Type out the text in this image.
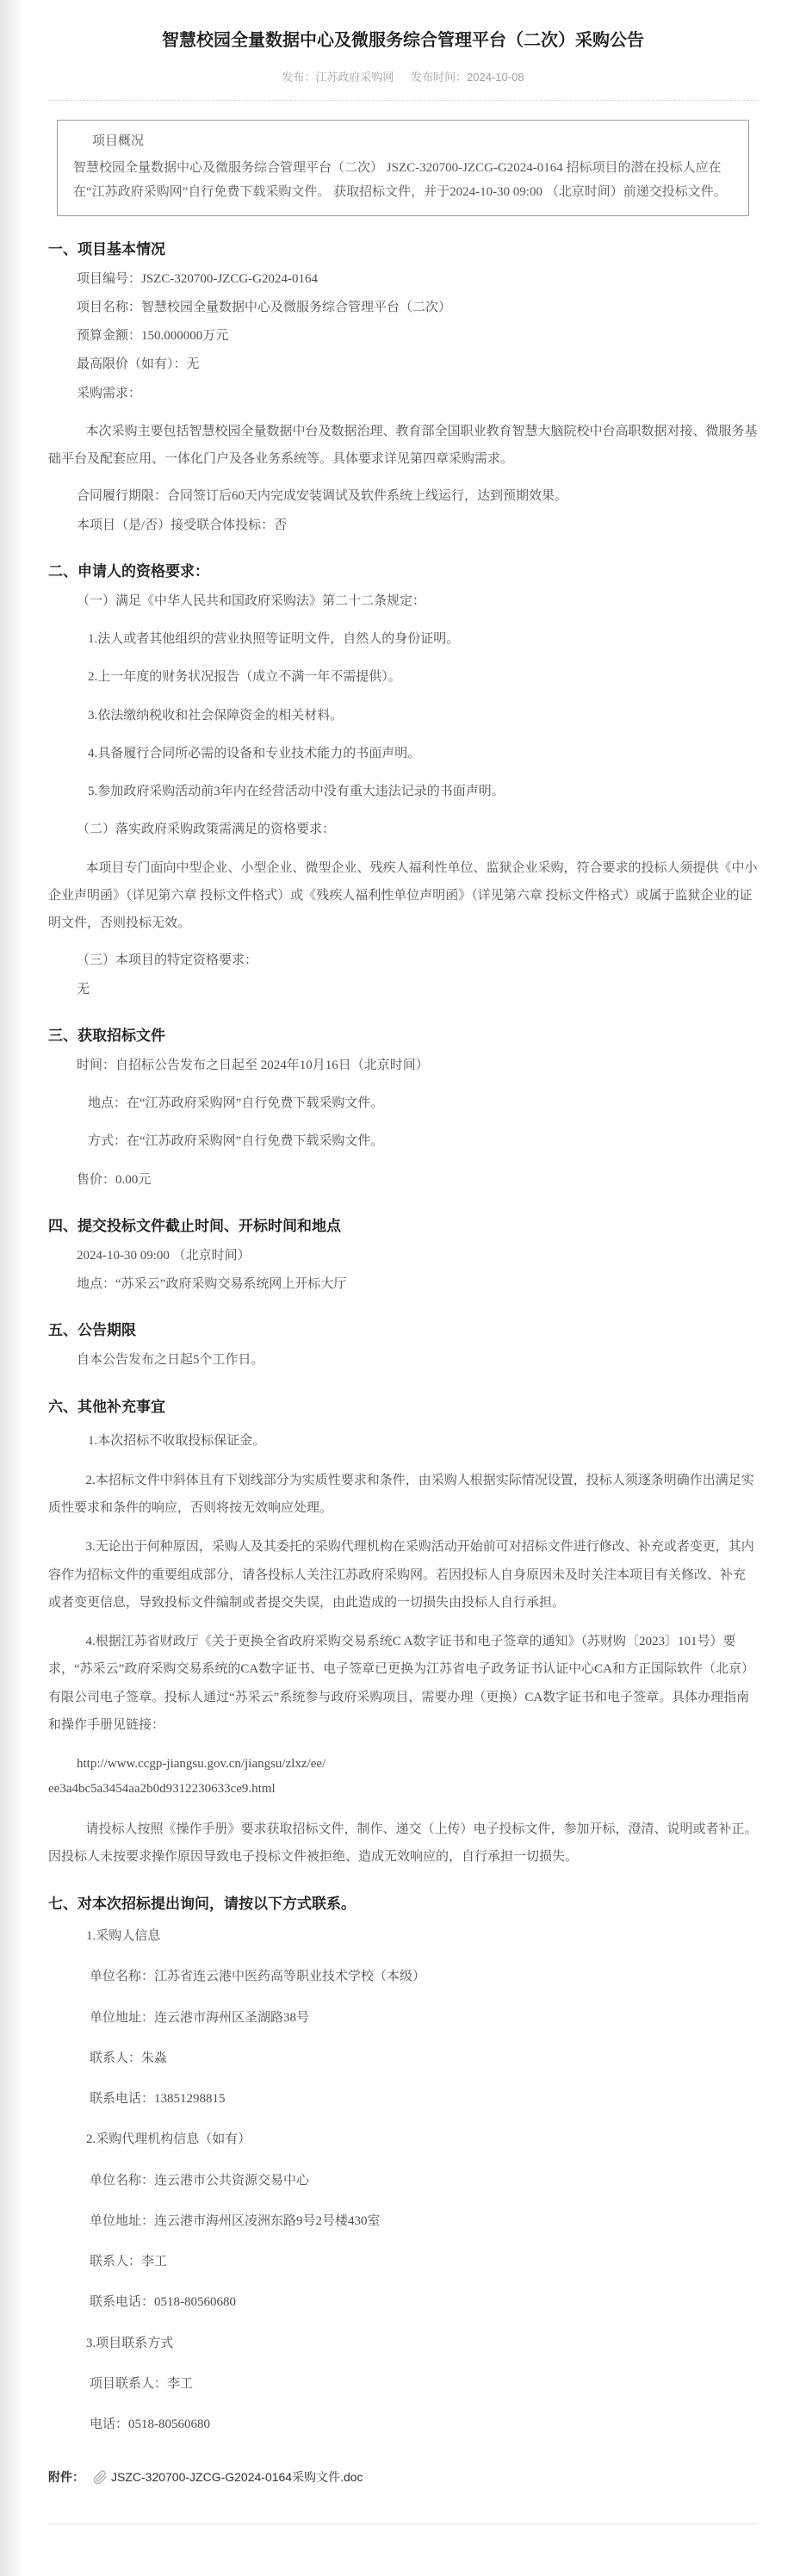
智慧校园全量数据中心及微服务综合管理平台（二次）采购公告
发布：江苏政府采购网 发布时间：2024-10-08

项目概况

智慧校园全量数据中心及微服务综合管理平台（二次） JSZC-320700-JZCG-G2024-0164 招标项目的潜在投标人应在在“江苏政府采购网”自行免费下载采购文件。 获取招标文件，并于2024-10-30 09:00 （北京时间）前递交投标文件。

一、项目基本情况

项目编号：JSZC-320700-JZCG-G2024-0164

项目名称：智慧校园全量数据中心及微服务综合管理平台（二次）

预算金额：150.000000万元

最高限价（如有）：无

采购需求：

本次采购主要包括智慧校园全量数据中台及数据治理、教育部全国职业教育智慧大脑院校中台高职数据对接、微服务基础平台及配套应用、一体化门户及各业务系统等。具体要求详见第四章采购需求。

合同履行期限：合同签订后60天内完成安装调试及软件系统上线运行，达到预期效果。

本项目（是/否）接受联合体投标：否

二、申请人的资格要求：

（一）满足《中华人民共和国政府采购法》第二十二条规定：

1.法人或者其他组织的营业执照等证明文件，自然人的身份证明。

2.上一年度的财务状况报告（成立不满一年不需提供）。

3.依法缴纳税收和社会保障资金的相关材料。

4.具备履行合同所必需的设备和专业技术能力的书面声明。

5.参加政府采购活动前3年内在经营活动中没有重大违法记录的书面声明。

（二）落实政府采购政策需满足的资格要求：

本项目专门面向中型企业、小型企业、微型企业、残疾人福利性单位、监狱企业采购，符合要求的投标人须提供《中小企业声明函》（详见第六章 投标文件格式）或《残疾人福利性单位声明函》（详见第六章 投标文件格式）或属于监狱企业的证明文件，否则投标无效。

（三）本项目的特定资格要求：

无

三、获取招标文件

时间：自招标公告发布之日起至 2024年10月16日（北京时间）

地点：在“江苏政府采购网”自行免费下载采购文件。

方式：在“江苏政府采购网”自行免费下载采购文件。

售价：0.00元

四、提交投标文件截止时间、开标时间和地点

2024-10-30 09:00 （北京时间）

地点：“苏采云”政府采购交易系统网上开标大厅

五、公告期限

自本公告发布之日起5个工作日。

六、其他补充事宜

1.本次招标不收取投标保证金。

2.本招标文件中斜体且有下划线部分为实质性要求和条件，由采购人根据实际情况设置，投标人须逐条明确作出满足实质性要求和条件的响应，否则将按无效响应处理。

3.无论出于何种原因，采购人及其委托的采购代理机构在采购活动开始前可对招标文件进行修改、补充或者变更，其内容作为招标文件的重要组成部分，请各投标人关注江苏政府采购网。若因投标人自身原因未及时关注本项目有关修改、补充或者变更信息，导致投标文件编制或者提交失误，由此造成的一切损失由投标人自行承担。

4.根据江苏省财政厅《关于更换全省政府采购交易系统C A数字证书和电子签章的通知》（苏财购〔2023〕101号）要求，“苏采云”政府采购交易系统的CA数字证书、电子签章已更换为江苏省电子政务证书认证中心CA和方正国际软件（北京）有限公司电子签章。投标人通过“苏采云”系统参与政府采购项目，需要办理（更换）CA数字证书和电子签章。具体办理指南和操作手册见链接：

http://www.ccgp-jiangsu.gov.cn/jiangsu/zlxz/ee/

ee3a4bc5a3454aa2b0d9312230633ce9.html

请投标人按照《操作手册》要求获取招标文件，制作、递交（上传）电子投标文件，参加开标，澄清、说明或者补正。因投标人未按要求操作原因导致电子投标文件被拒绝、造成无效响应的，自行承担一切损失。

七、对本次招标提出询问，请按以下方式联系。

1.采购人信息

单位名称：江苏省连云港中医药高等职业技术学校（本级）

单位地址：连云港市海州区圣湖路38号

联系人：朱淼

联系电话：13851298815

2.采购代理机构信息（如有）

单位名称：连云港市公共资源交易中心

单位地址：连云港市海州区凌洲东路9号2号楼430室

联系人：李工

联系电话：0518-80560680

3.项目联系方式

项目联系人：李工

电话：0518-80560680

附件： JSZC-320700-JZCG-G2024-0164采购文件.doc
